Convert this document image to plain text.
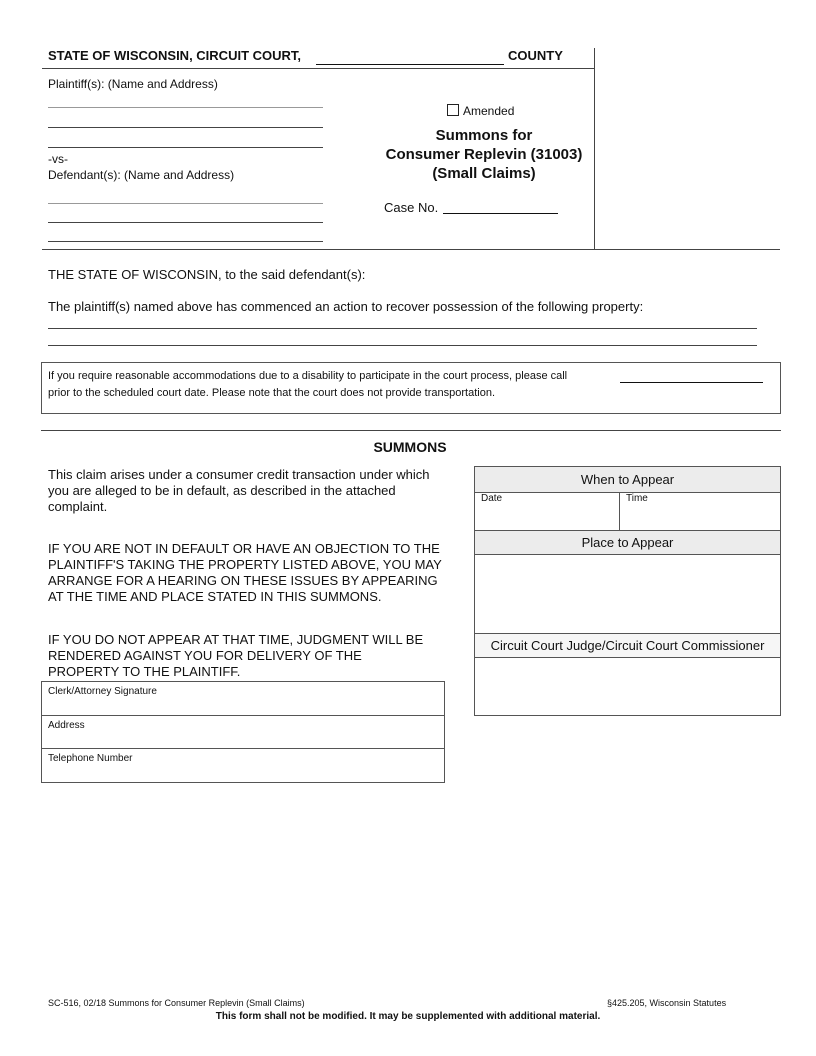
STATE OF WISCONSIN, CIRCUIT COURT,	COUNTY
Plaintiff(s): (Name and Address)
-vs-
Defendant(s): (Name and Address)
Amended
Summons for
Consumer Replevin (31003)
(Small Claims)
Case No.
THE STATE OF WISCONSIN, to the said defendant(s):
The plaintiff(s) named above has commenced an action to recover possession of the following property:
If you require reasonable accommodations due to a disability to participate in the court process, please call
prior to the scheduled court date. Please note that the court does not provide transportation.
SUMMONS
This claim arises under a consumer credit transaction under which you are alleged to be in default, as described in the attached complaint.
IF YOU ARE NOT IN DEFAULT OR HAVE AN OBJECTION TO THE PLAINTIFF'S TAKING THE PROPERTY LISTED ABOVE, YOU MAY ARRANGE FOR A HEARING ON THESE ISSUES BY APPEARING AT THE TIME AND PLACE STATED IN THIS SUMMONS.
IF YOU DO NOT APPEAR AT THAT TIME, JUDGMENT WILL BE RENDERED AGAINST YOU FOR DELIVERY OF THE PROPERTY TO THE PLAINTIFF.
Clerk/Attorney Signature
Address
Telephone Number
When to Appear
Date	Time
Place to Appear
Circuit Court Judge/Circuit Court Commissioner
SC-516, 02/18 Summons for Consumer Replevin (Small Claims)	§425.205, Wisconsin Statutes
This form shall not be modified. It may be supplemented with additional material.
